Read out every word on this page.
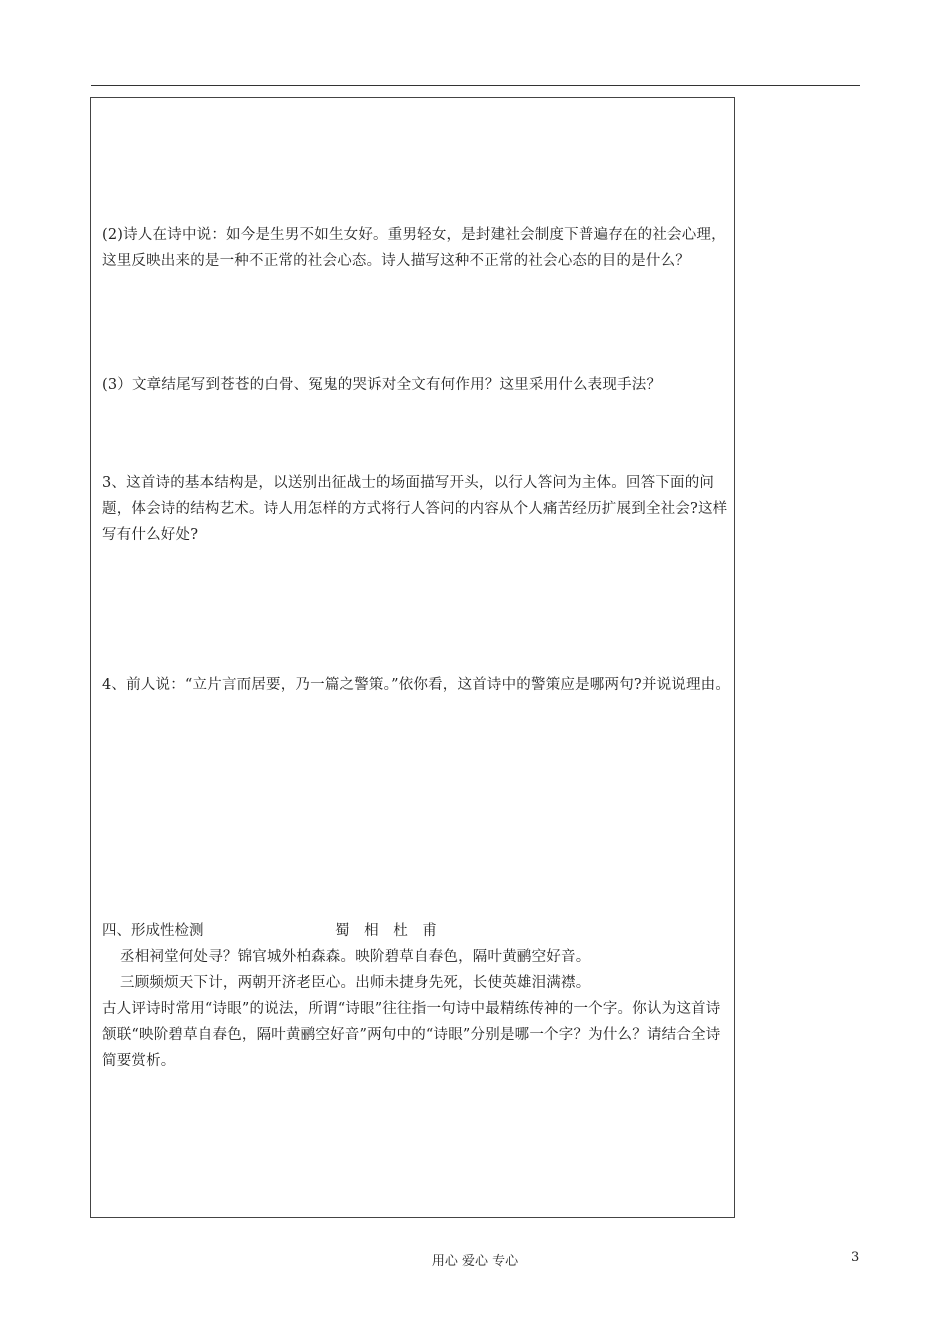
(2)诗人在诗中说：如今是生男不如生女好。重男轻女，是封建社会制度下普遍存在的社会心理，这里反映出来的是一种不正常的社会心态。诗人描写这种不正常的社会心态的目的是什么？

(3）文章结尾写到苍苍的白骨、冤鬼的哭诉对全文有何作用？这里采用什么表现手法？

3、这首诗的基本结构是，以送别出征战士的场面描写开头，以行人答问为主体。回答下面的问题，体会诗的结构艺术。诗人用怎样的方式将行人答问的内容从个人痛苦经历扩展到全社会?这样写有什么好处?

4、前人说：“立片言而居要，乃一篇之警策。”依你看，这首诗中的警策应是哪两句?并说说理由。

四、形成性检测	蜀 相 杜 甫

丞相祠堂何处寻？锦官城外柏森森。映阶碧草自春色，隔叶黄鹂空好音。

三顾频烦天下计，两朝开济老臣心。出师未捷身先死，长使英雄泪满襟。

古人评诗时常用“诗眼”的说法，所谓“诗眼”往往指一句诗中最精练传神的一个字。你认为这首诗颔联“映阶碧草自春色，隔叶黄鹂空好音”两句中的“诗眼”分别是哪一个字？为什么？请结合全诗简要赏析。

用心 爱心 专心	3
